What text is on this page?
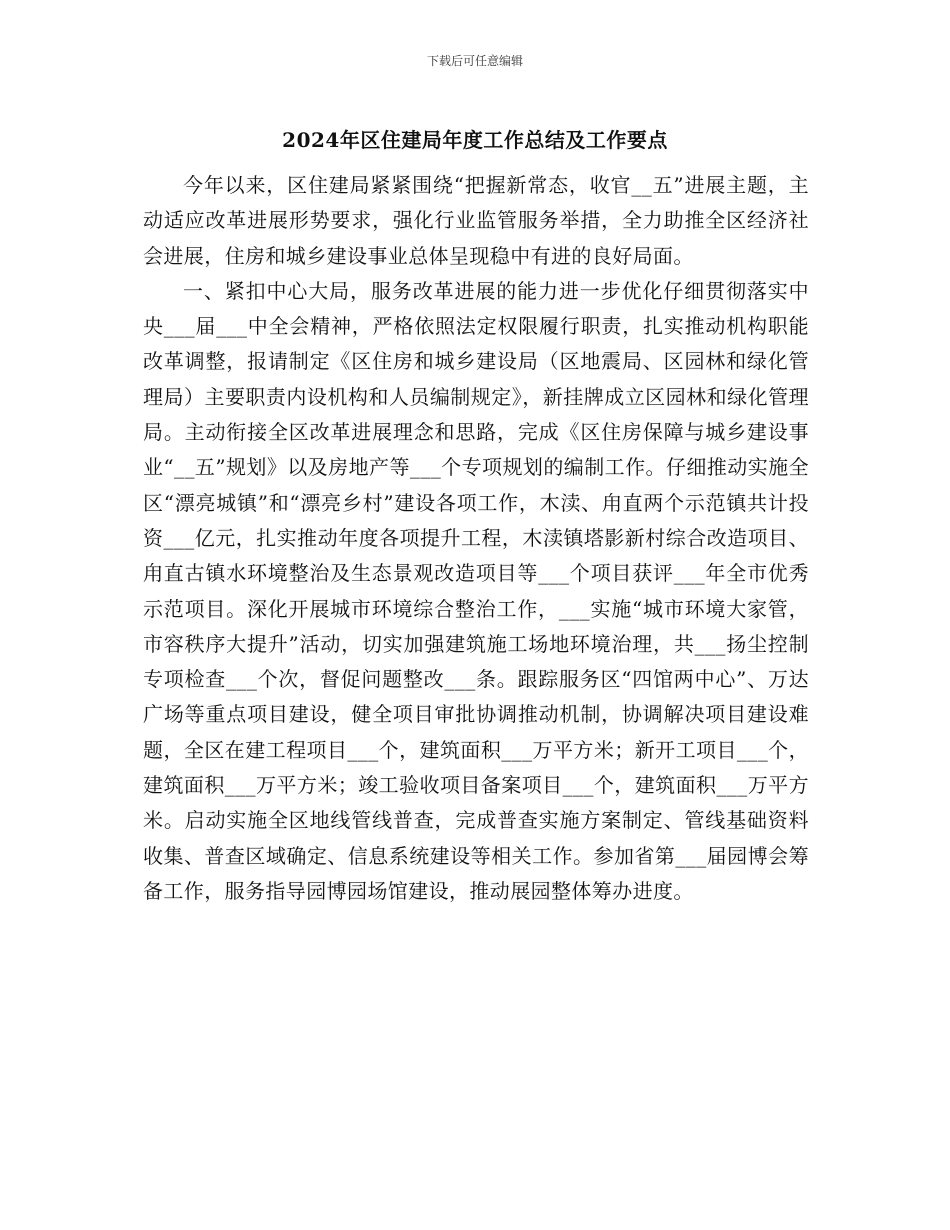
下载后可任意编辑
2024年区住建局年度工作总结及工作要点

今年以来，区住建局紧紧围绕“把握新常态，收官__五”进展主题，主动适应改革进展形势要求，强化行业监管服务举措，全力助推全区经济社会进展，住房和城乡建设事业总体呈现稳中有进的良好局面。

一、紧扣中心大局，服务改革进展的能力进一步优化仔细贯彻落实中央___届___中全会精神，严格依照法定权限履行职责，扎实推动机构职能改革调整，报请制定《区住房和城乡建设局（区地震局、区园林和绿化管理局）主要职责内设机构和人员编制规定》，新挂牌成立区园林和绿化管理局。主动衔接全区改革进展理念和思路，完成《区住房保障与城乡建设事业“__五”规划》以及房地产等___个专项规划的编制工作。仔细推动实施全区“漂亮城镇”和“漂亮乡村”建设各项工作，木渎、甪直两个示范镇共计投资___亿元，扎实推动年度各项提升工程，木渎镇塔影新村综合改造项目、甪直古镇水环境整治及生态景观改造项目等___个项目获评___年全市优秀示范项目。深化开展城市环境综合整治工作，___实施“城市环境大家管，市容秩序大提升”活动，切实加强建筑施工场地环境治理，共___扬尘控制专项检查___个次，督促问题整改___条。跟踪服务区“四馆两中心”、万达广场等重点项目建设，健全项目审批协调推动机制，协调解决项目建设难题，全区在建工程项目___个，建筑面积___万平方米；新开工项目___个，建筑面积___万平方米；竣工验收项目备案项目___个，建筑面积___万平方米。启动实施全区地线管线普查，完成普查实施方案制定、管线基础资料收集、普查区域确定、信息系统建设等相关工作。参加省第___届园博会筹备工作，服务指导园博园场馆建设，推动展园整体筹办进度。
